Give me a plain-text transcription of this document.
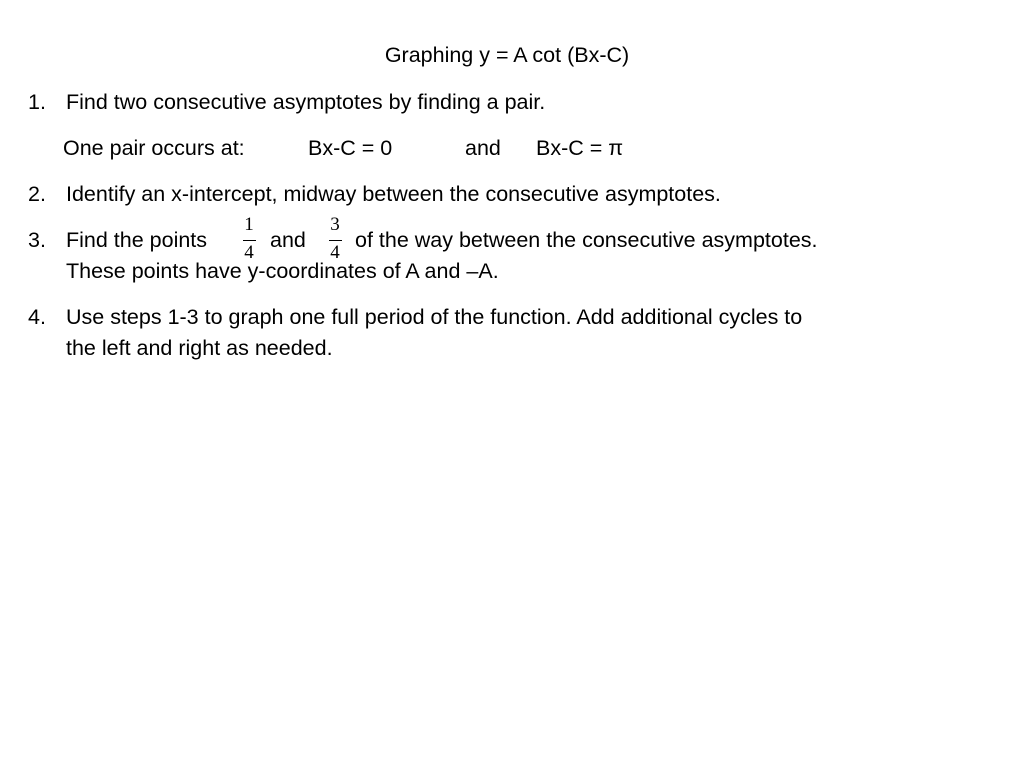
Graphing y = A cot (Bx-C)
1. Find two consecutive asymptotes by finding a pair.
One pair occurs at:	Bx-C = 0	and Bx-C = π
2. Identify an x-intercept, midway between the consecutive asymptotes.
3. Find the points
1
4
and
3
4
of the way between the consecutive asymptotes.
These points have y-coordinates of A and –A.
4. Use steps 1-3 to graph one full period of the function. Add additional cycles to
the left and right as needed.
